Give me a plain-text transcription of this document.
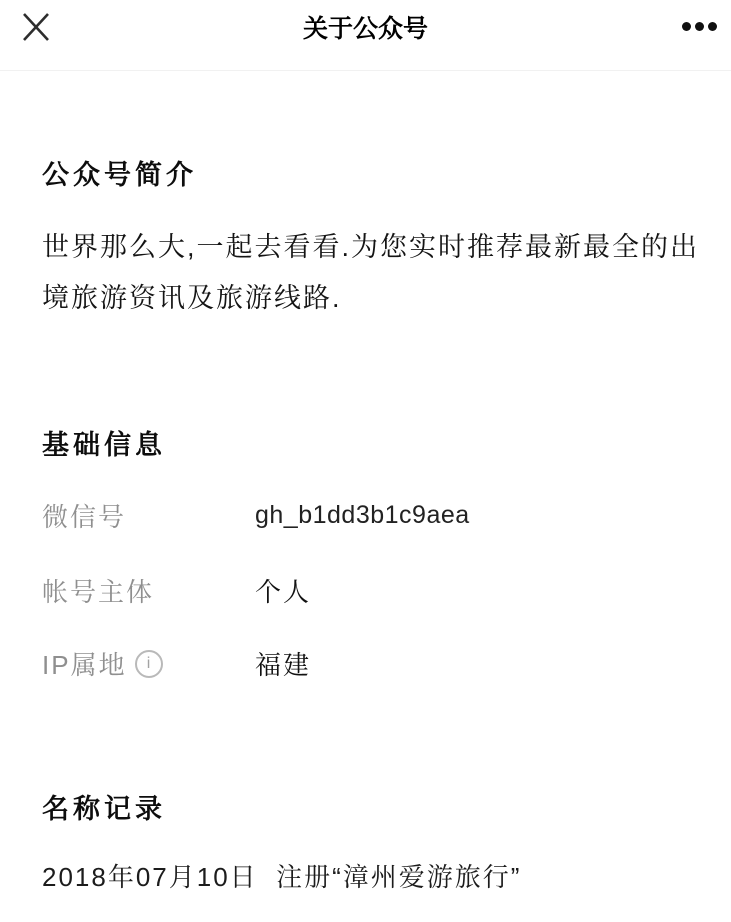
关于公众号
公众号简介
世界那么大,一起去看看.为您实时推荐最新最全的出境旅游资讯及旅游线路.
基础信息
微信号	gh_b1dd3b1c9aea
帐号主体	个人
IP属地	i	福建
名称记录
2018年07月10日  注册“漳州爱游旅行”
